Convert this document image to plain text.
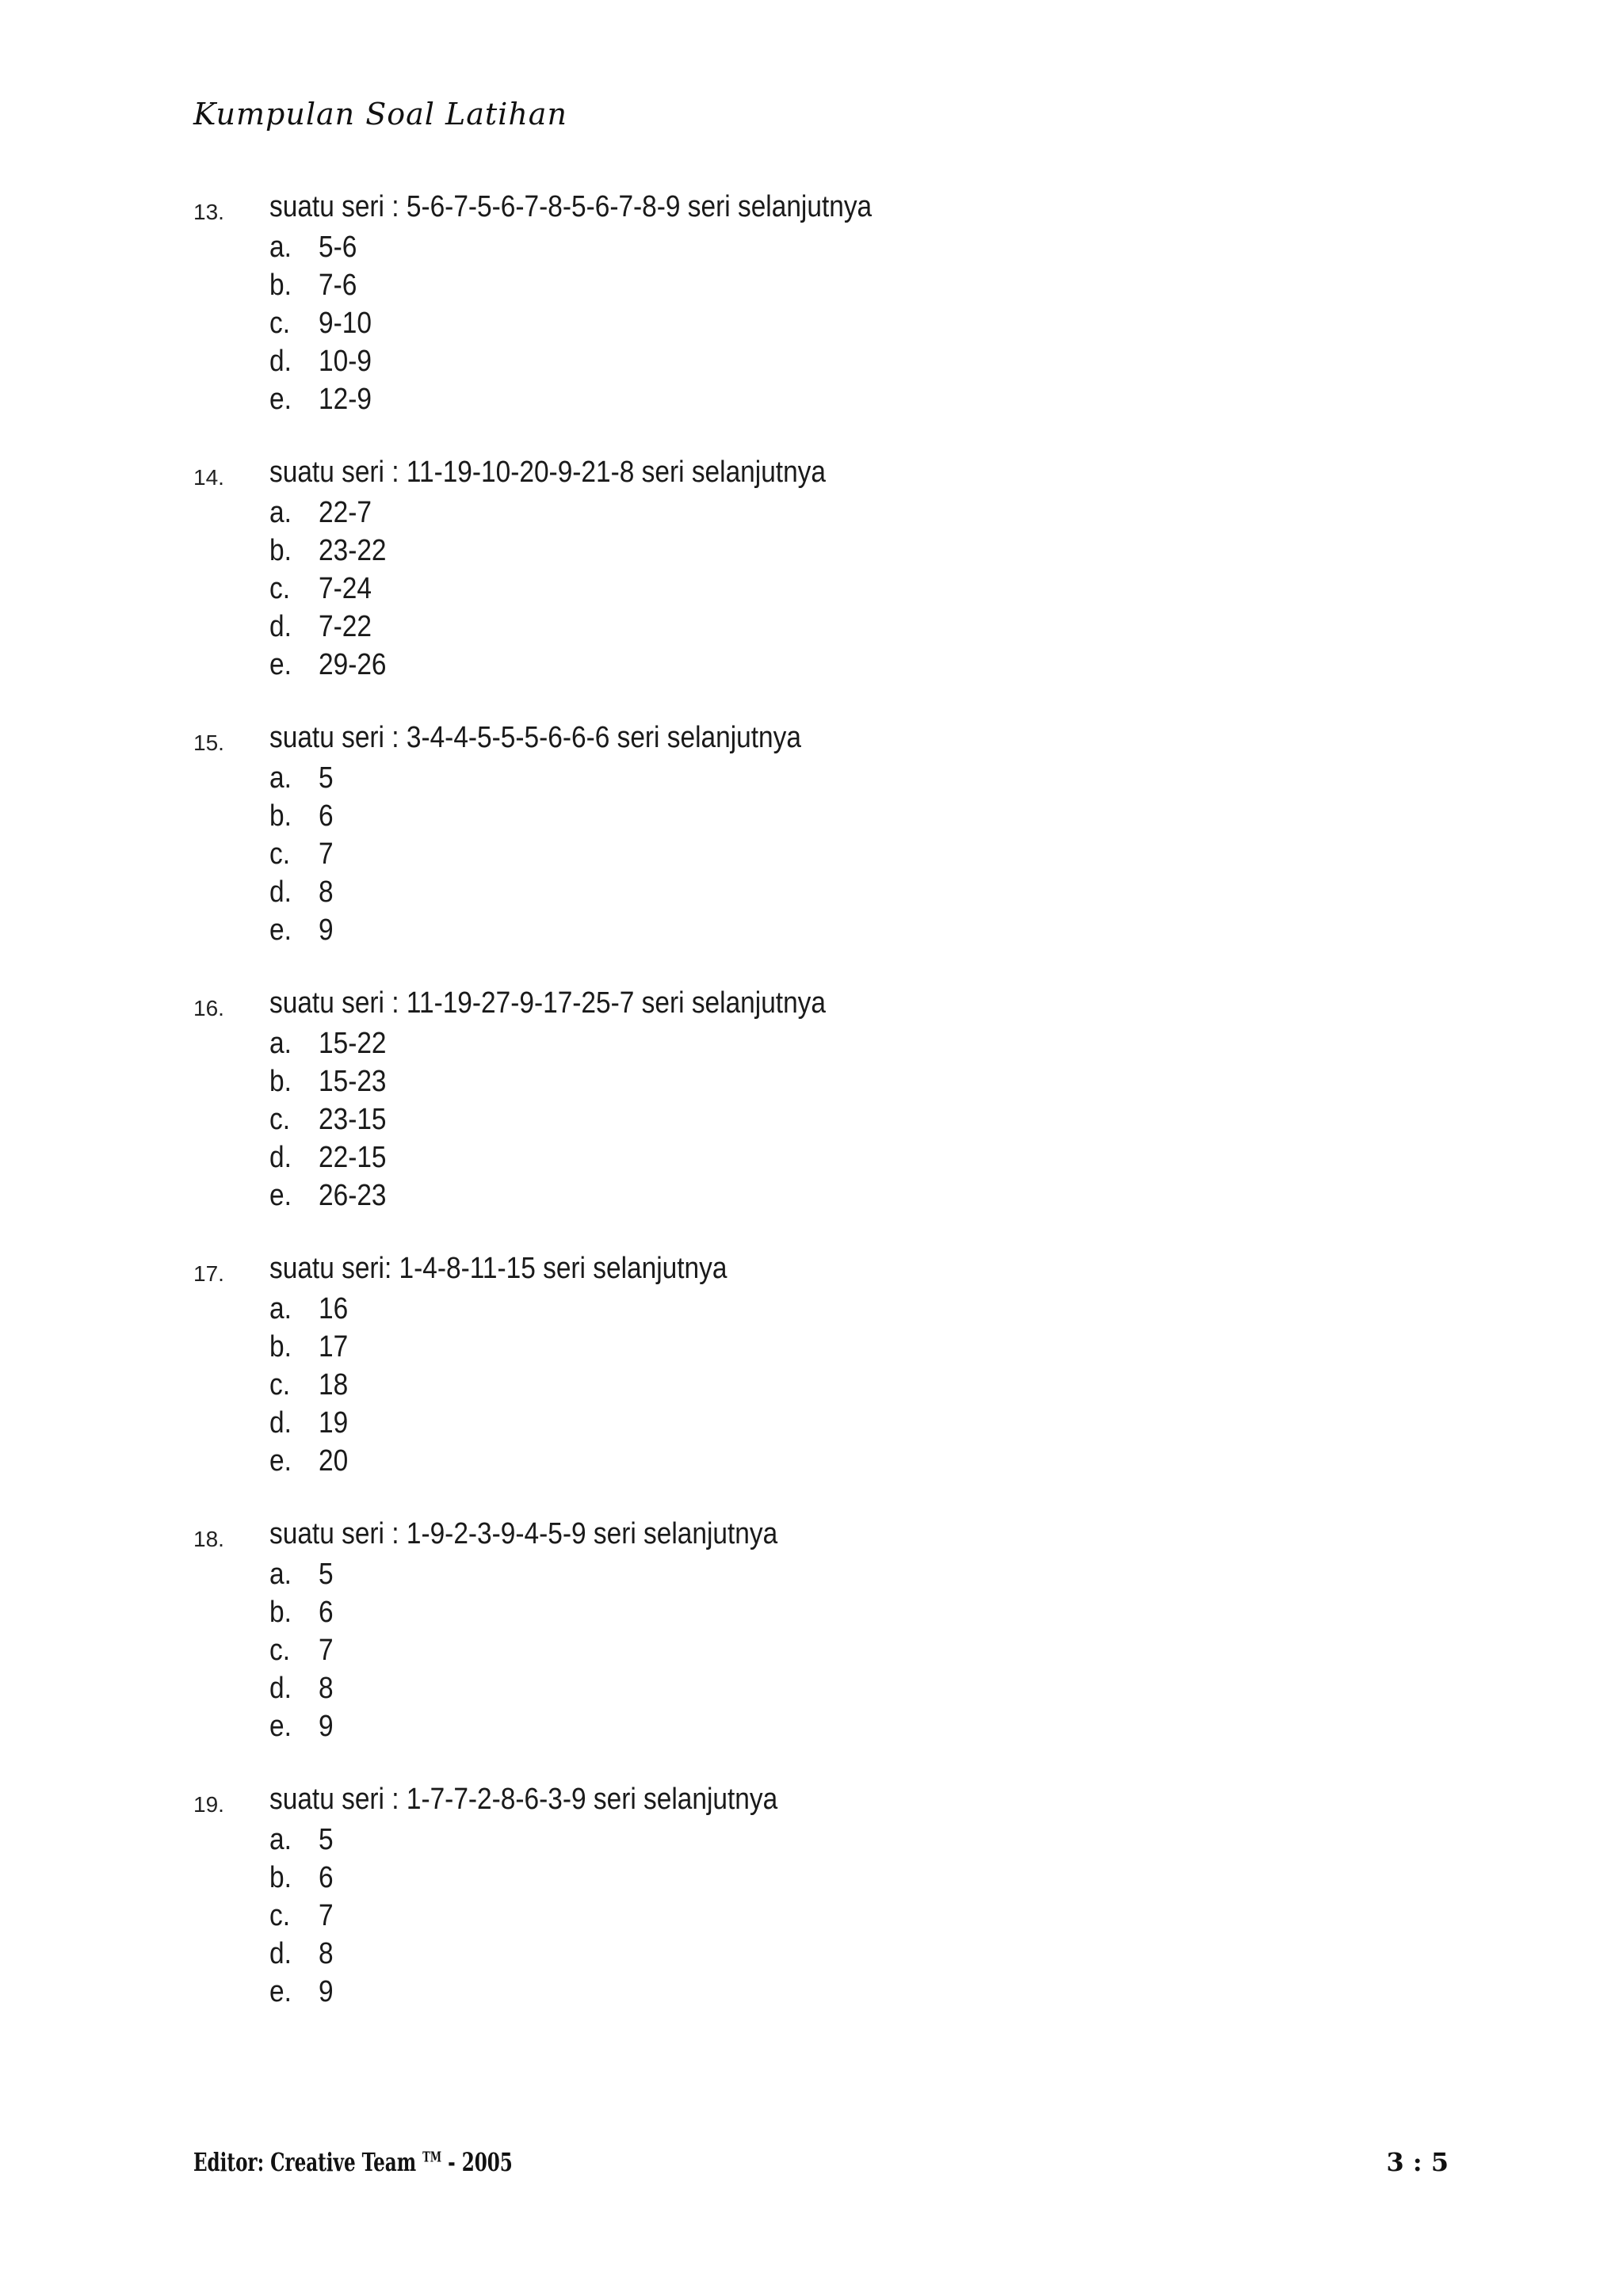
Kumpulan Soal Latihan
13. suatu seri : 5-6-7-5-6-7-8-5-6-7-8-9 seri selanjutnya
a. 5-6
b. 7-6
c. 9-10
d. 10-9
e. 12-9
14. suatu seri : 11-19-10-20-9-21-8 seri selanjutnya
a. 22-7
b. 23-22
c. 7-24
d. 7-22
e. 29-26
15. suatu seri : 3-4-4-5-5-5-6-6-6 seri selanjutnya
a. 5
b. 6
c. 7
d. 8
e. 9
16. suatu seri : 11-19-27-9-17-25-7 seri selanjutnya
a. 15-22
b. 15-23
c. 23-15
d. 22-15
e. 26-23
17. suatu seri: 1-4-8-11-15 seri selanjutnya
a. 16
b. 17
c. 18
d. 19
e. 20
18. suatu seri : 1-9-2-3-9-4-5-9 seri selanjutnya
a. 5
b. 6
c. 7
d. 8
e. 9
19. suatu seri : 1-7-7-2-8-6-3-9 seri selanjutnya
a. 5
b. 6
c. 7
d. 8
e. 9
Editor: Creative Team ™ - 2005	3 : 5
